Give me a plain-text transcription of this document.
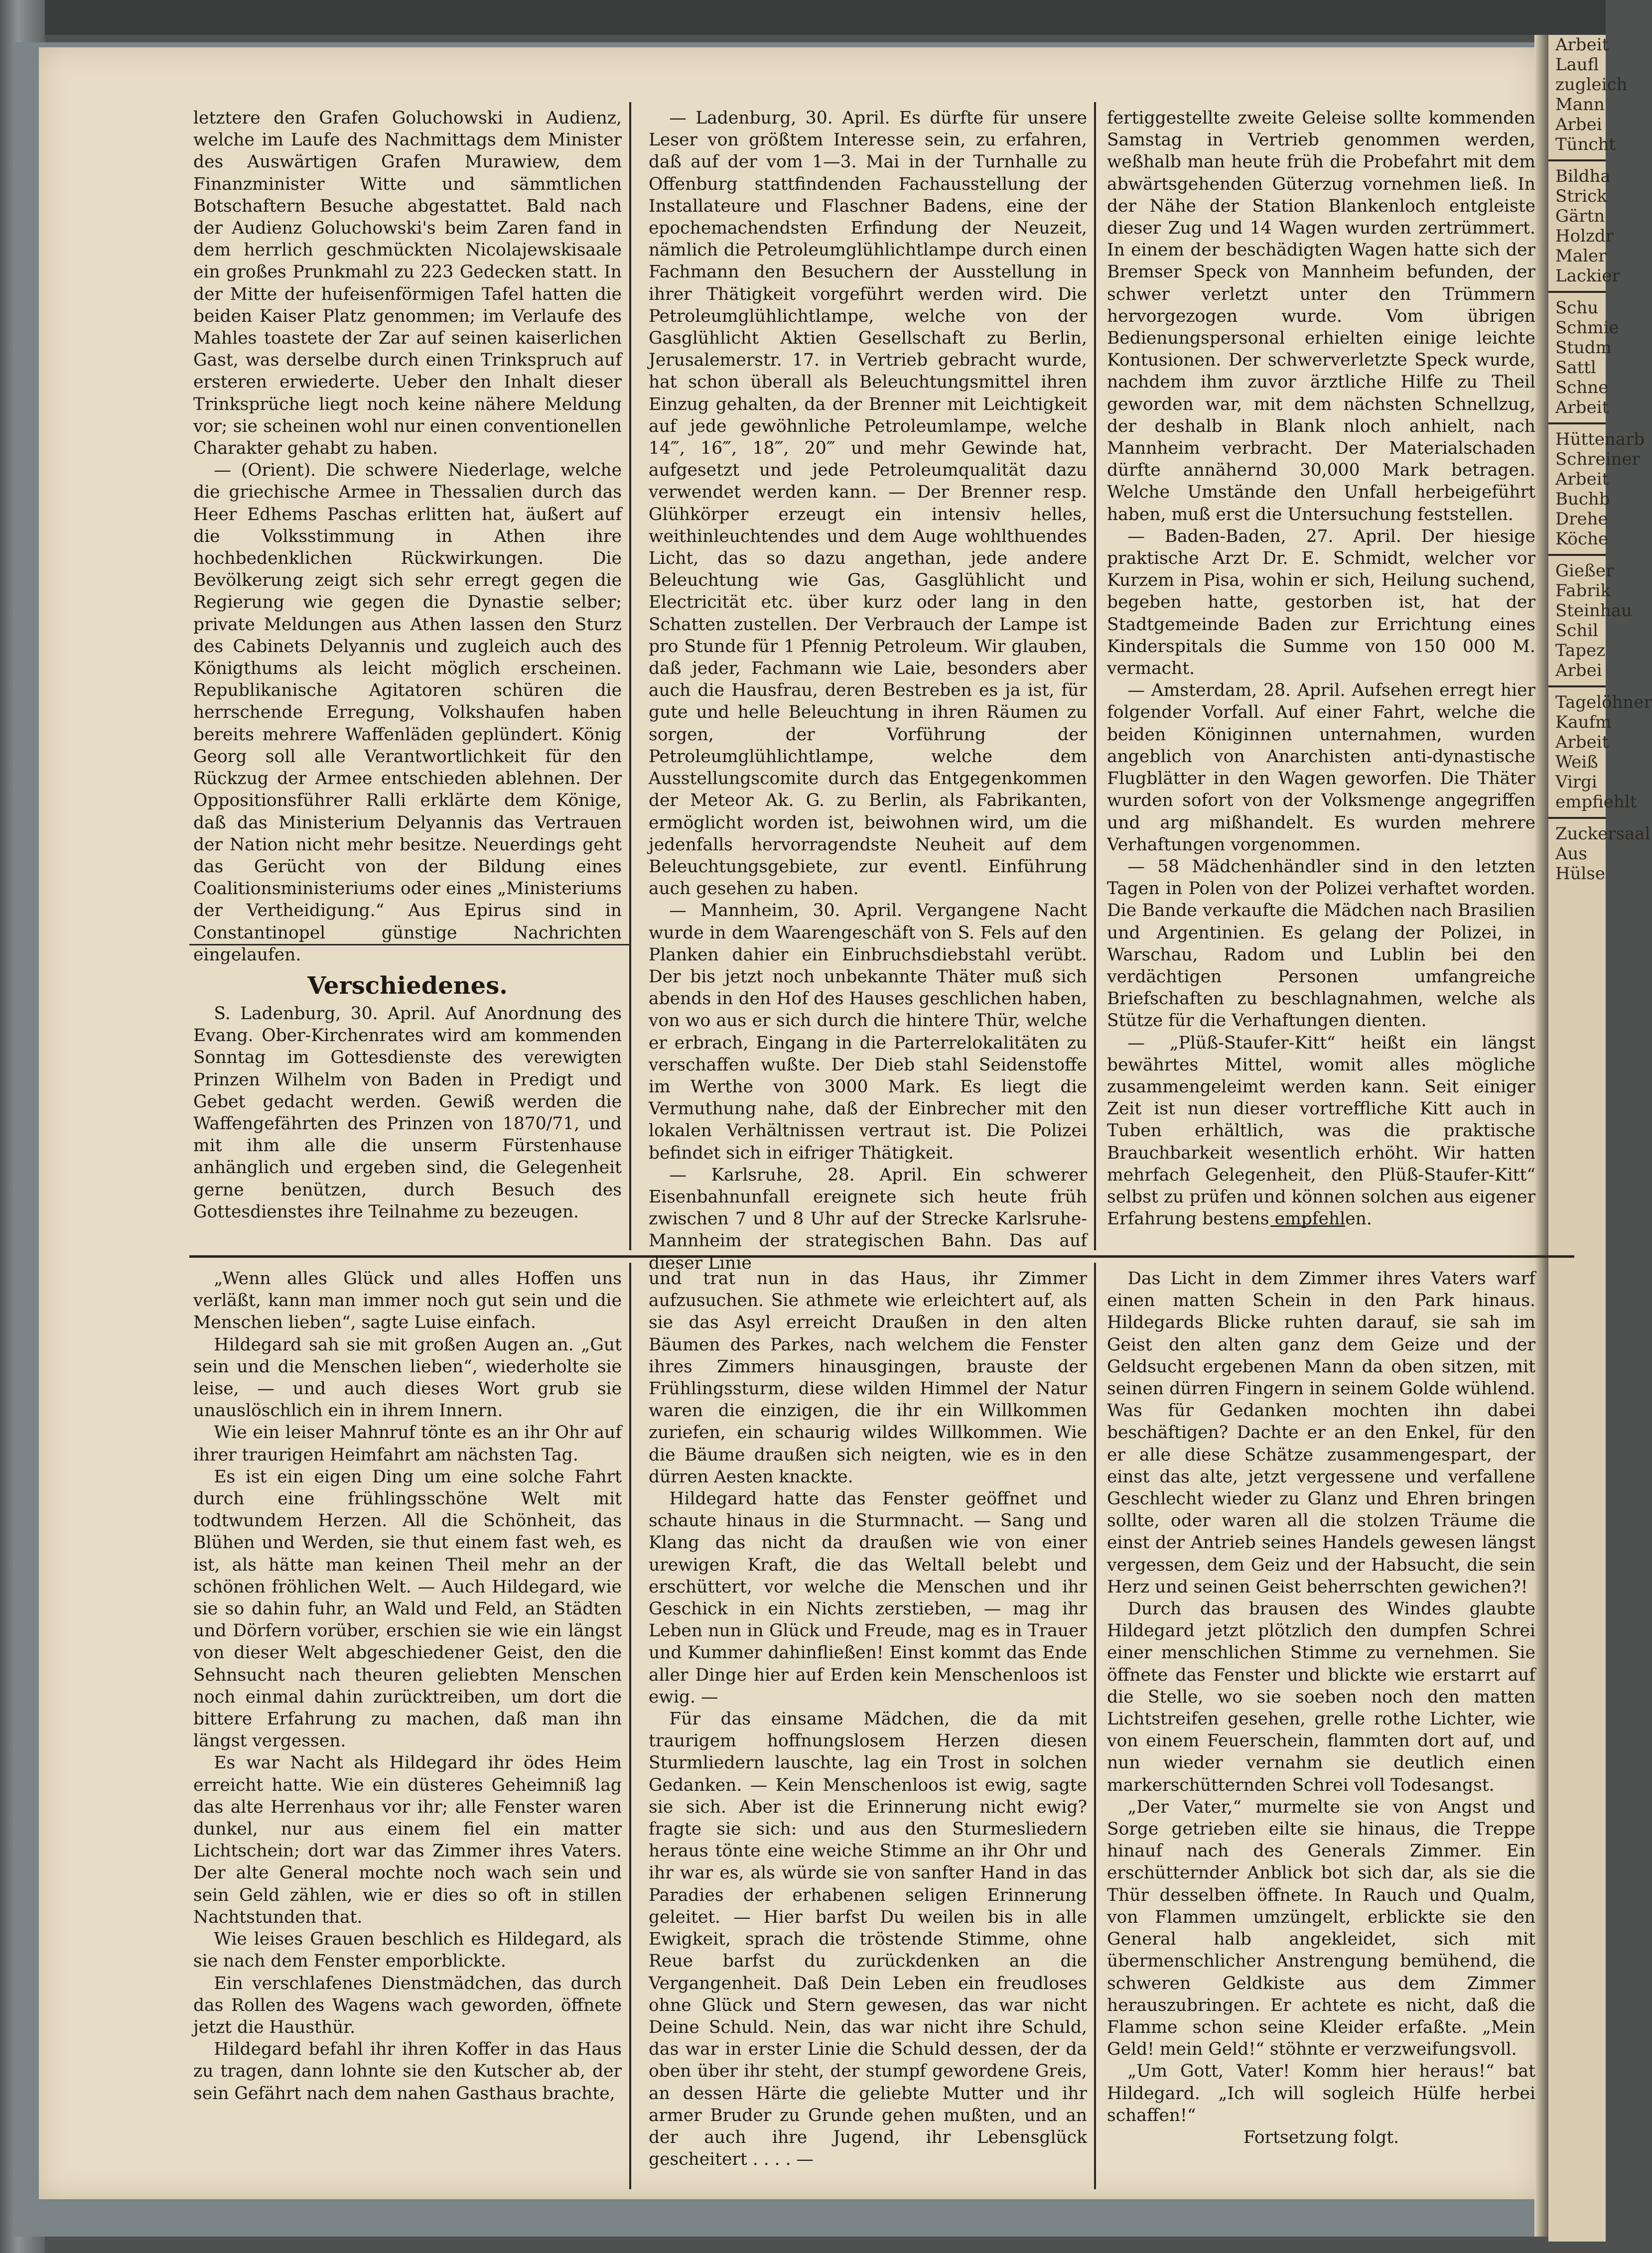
Arbeit
Laufl
zugleich
Mann
Arbei
Tüncht
Bildha
Strick
Gärtn
Holzdr
Maler
Lackier
Schu
Schmie
Studm
Sattl
Schne
Arbeit
Hüttenarb
Schreiner
Arbeit
Buchb
Drehe
Köche
Gießer
Fabrik
Steinhau
Schil
Tapez
Arbei
Tagelöhner
Kaufm
Arbeit
Weiß
Virgi
empfiehlt
Zuckersaal
Aus
Hülse

letztere den Grafen Goluchowski in Audienz, welche im Laufe des Nachmittags dem Minister des Auswärtigen Grafen Murawiew, dem Finanzminister Witte und sämmtlichen Botschaftern Besuche abgestattet. Bald nach der Audienz Goluchowski's beim Zaren fand in dem herrlich geschmückten Nicolajewskisaale ein großes Prunkmahl zu 223 Gedecken statt. In der Mitte der hufeisenförmigen Tafel hatten die beiden Kaiser Platz genommen; im Verlaufe des Mahles toastete der Zar auf seinen kaiserlichen Gast, was derselbe durch einen Trinkspruch auf ersteren erwiederte. Ueber den Inhalt dieser Trinksprüche liegt noch keine nähere Meldung vor; sie scheinen wohl nur einen conventionellen Charakter gehabt zu haben.

— (Orient). Die schwere Niederlage, welche die griechische Armee in Thessalien durch das Heer Edhems Paschas erlitten hat, äußert auf die Volksstimmung in Athen ihre hochbedenklichen Rückwirkungen. Die Bevölkerung zeigt sich sehr erregt gegen die Regierung wie gegen die Dynastie selber; private Meldungen aus Athen lassen den Sturz des Cabinets Delyannis und zugleich auch des Königthums als leicht möglich erscheinen. Republikanische Agitatoren schüren die herrschende Erregung, Volkshaufen haben bereits mehrere Waffenläden geplündert. König Georg soll alle Verantwortlichkeit für den Rückzug der Armee entschieden ablehnen. Der Oppositionsführer Ralli erklärte dem Könige, daß das Ministerium Delyannis das Vertrauen der Nation nicht mehr besitze. Neuerdings geht das Gerücht von der Bildung eines Coalitionsministeriums oder eines „Ministeriums der Vertheidigung.“ Aus Epirus sind in Constantinopel günstige Nachrichten eingelaufen.

Verschiedenes.

S. Ladenburg, 30. April. Auf Anordnung des Evang. Ober-Kirchenrates wird am kommenden Sonntag im Gottesdienste des verewigten Prinzen Wilhelm von Baden in Predigt und Gebet gedacht werden. Gewiß werden die Waffengefährten des Prinzen von 1870/71, und mit ihm alle die unserm Fürstenhause anhänglich und ergeben sind, die Gelegenheit gerne benützen, durch Besuch des Gottesdienstes ihre Teilnahme zu bezeugen.

— Ladenburg, 30. April. Es dürfte für unsere Leser von größtem Interesse sein, zu erfahren, daß auf der vom 1—3. Mai in der Turnhalle zu Offenburg stattfindenden Fachausstellung der Installateure und Flaschner Badens, eine der epochemachendsten Erfindung der Neuzeit, nämlich die Petroleumglühlichtlampe durch einen Fachmann den Besuchern der Ausstellung in ihrer Thätigkeit vorgeführt werden wird. Die Petroleumglühlichtlampe, welche von der Gasglühlicht Aktien Gesellschaft zu Berlin, Jerusalemerstr. 17. in Vertrieb gebracht wurde, hat schon überall als Beleuchtungsmittel ihren Einzug gehalten, da der Brenner mit Leichtigkeit auf jede gewöhnliche Petroleumlampe, welche 14‴, 16‴, 18‴, 20‴ und mehr Gewinde hat, aufgesetzt und jede Petroleumqualität dazu verwendet werden kann. — Der Brenner resp. Glühkörper erzeugt ein intensiv helles, weithinleuchtendes und dem Auge wohlthuendes Licht, das so dazu angethan, jede andere Beleuchtung wie Gas, Gasglühlicht und Electricität etc. über kurz oder lang in den Schatten zustellen. Der Verbrauch der Lampe ist pro Stunde für 1 Pfennig Petroleum. Wir glauben, daß jeder, Fachmann wie Laie, besonders aber auch die Hausfrau, deren Bestreben es ja ist, für gute und helle Beleuchtung in ihren Räumen zu sorgen, der Vorführung der Petroleumglühlichtlampe, welche dem Ausstellungscomite durch das Entgegenkommen der Meteor Ak. G. zu Berlin, als Fabrikanten, ermöglicht worden ist, beiwohnen wird, um die jedenfalls hervorragendste Neuheit auf dem Beleuchtungsgebiete, zur eventl. Einführung auch gesehen zu haben.

— Mannheim, 30. April. Vergangene Nacht wurde in dem Waarengeschäft von S. Fels auf den Planken dahier ein Einbruchsdiebstahl verübt. Der bis jetzt noch unbekannte Thäter muß sich abends in den Hof des Hauses geschlichen haben, von wo aus er sich durch die hintere Thür, welche er erbrach, Eingang in die Parterrelokalitäten zu verschaffen wußte. Der Dieb stahl Seidenstoffe im Werthe von 3000 Mark. Es liegt die Vermuthung nahe, daß der Einbrecher mit den lokalen Verhältnissen vertraut ist. Die Polizei befindet sich in eifriger Thätigkeit.

— Karlsruhe, 28. April. Ein schwerer Eisenbahnunfall ereignete sich heute früh zwischen 7 und 8 Uhr auf der Strecke Karlsruhe-Mannheim der strategischen Bahn. Das auf dieser Linie

fertiggestellte zweite Geleise sollte kommenden Samstag in Vertrieb genommen werden, weßhalb man heute früh die Probefahrt mit dem abwärtsgehenden Güterzug vornehmen ließ. In der Nähe der Station Blankenloch entgleiste dieser Zug und 14 Wagen wurden zertrümmert. In einem der beschädigten Wagen hatte sich der Bremser Speck von Mannheim befunden, der schwer verletzt unter den Trümmern hervorgezogen wurde. Vom übrigen Bedienungspersonal erhielten einige leichte Kontusionen. Der schwerverletzte Speck wurde, nachdem ihm zuvor ärztliche Hilfe zu Theil geworden war, mit dem nächsten Schnellzug, der deshalb in Blank nloch anhielt, nach Mannheim verbracht. Der Materialschaden dürfte annähernd 30,000 Mark betragen. Welche Umstände den Unfall herbeigeführt haben, muß erst die Untersuchung feststellen.

— Baden-Baden, 27. April. Der hiesige praktische Arzt Dr. E. Schmidt, welcher vor Kurzem in Pisa, wohin er sich, Heilung suchend, begeben hatte, gestorben ist, hat der Stadtgemeinde Baden zur Errichtung eines Kinderspitals die Summe von 150 000 M. vermacht.

— Amsterdam, 28. April. Aufsehen erregt hier folgender Vorfall. Auf einer Fahrt, welche die beiden Königinnen unternahmen, wurden angeblich von Anarchisten anti-dynastische Flugblätter in den Wagen geworfen. Die Thäter wurden sofort von der Volksmenge angegriffen und arg mißhandelt. Es wurden mehrere Verhaftungen vorgenommen.

— 58 Mädchenhändler sind in den letzten Tagen in Polen von der Polizei verhaftet worden. Die Bande verkaufte die Mädchen nach Brasilien und Argentinien. Es gelang der Polizei, in Warschau, Radom und Lublin bei den verdächtigen Personen umfangreiche Briefschaften zu beschlagnahmen, welche als Stütze für die Verhaftungen dienten.

— „Plüß-Staufer-Kitt“ heißt ein längst bewährtes Mittel, womit alles mögliche zusammengeleimt werden kann. Seit einiger Zeit ist nun dieser vortreffliche Kitt auch in Tuben erhältlich, was die praktische Brauchbarkeit wesentlich erhöht. Wir hatten mehrfach Gelegenheit, den Plüß-Staufer-Kitt“ selbst zu prüfen und können solchen aus eigener Erfahrung bestens empfehlen.

„Wenn alles Glück und alles Hoffen uns verläßt, kann man immer noch gut sein und die Menschen lieben“, sagte Luise einfach.

Hildegard sah sie mit großen Augen an. „Gut sein und die Menschen lieben“, wiederholte sie leise, — und auch dieses Wort grub sie unauslöschlich ein in ihrem Innern.

Wie ein leiser Mahnruf tönte es an ihr Ohr auf ihrer traurigen Heimfahrt am nächsten Tag.

Es ist ein eigen Ding um eine solche Fahrt durch eine frühlingsschöne Welt mit todtwundem Herzen. All die Schönheit, das Blühen und Werden, sie thut einem fast weh, es ist, als hätte man keinen Theil mehr an der schönen fröhlichen Welt. — Auch Hildegard, wie sie so dahin fuhr, an Wald und Feld, an Städten und Dörfern vorüber, erschien sie wie ein längst von dieser Welt abgeschiedener Geist, den die Sehnsucht nach theuren geliebten Menschen noch einmal dahin zurücktreiben, um dort die bittere Erfahrung zu machen, daß man ihn längst vergessen.

Es war Nacht als Hildegard ihr ödes Heim erreicht hatte. Wie ein düsteres Geheimniß lag das alte Herrenhaus vor ihr; alle Fenster waren dunkel, nur aus einem fiel ein matter Lichtschein; dort war das Zimmer ihres Vaters. Der alte General mochte noch wach sein und sein Geld zählen, wie er dies so oft in stillen Nachtstunden that.

Wie leises Grauen beschlich es Hildegard, als sie nach dem Fenster emporblickte.

Ein verschlafenes Dienstmädchen, das durch das Rollen des Wagens wach geworden, öffnete jetzt die Hausthür.

Hildegard befahl ihr ihren Koffer in das Haus zu tragen, dann lohnte sie den Kutscher ab, der sein Gefährt nach dem nahen Gasthaus brachte,

und trat nun in das Haus, ihr Zimmer aufzusuchen. Sie athmete wie erleichtert auf, als sie das Asyl erreicht Draußen in den alten Bäumen des Parkes, nach welchem die Fenster ihres Zimmers hinausgingen, brauste der Frühlingssturm, diese wilden Himmel der Natur waren die einzigen, die ihr ein Willkommen zuriefen, ein schaurig wildes Willkommen. Wie die Bäume draußen sich neigten, wie es in den dürren Aesten knackte.

Hildegard hatte das Fenster geöffnet und schaute hinaus in die Sturmnacht. — Sang und Klang das nicht da draußen wie von einer urewigen Kraft, die das Weltall belebt und erschüttert, vor welche die Menschen und ihr Geschick in ein Nichts zerstieben, — mag ihr Leben nun in Glück und Freude, mag es in Trauer und Kummer dahinfließen! Einst kommt das Ende aller Dinge hier auf Erden kein Menschenloos ist ewig. —

Für das einsame Mädchen, die da mit traurigem hoffnungslosem Herzen diesen Sturmliedern lauschte, lag ein Trost in solchen Gedanken. — Kein Menschenloos ist ewig, sagte sie sich. Aber ist die Erinnerung nicht ewig? fragte sie sich: und aus den Sturmesliedern heraus tönte eine weiche Stimme an ihr Ohr und ihr war es, als würde sie von sanfter Hand in das Paradies der erhabenen seligen Erinnerung geleitet. — Hier barfst Du weilen bis in alle Ewigkeit, sprach die tröstende Stimme, ohne Reue barfst du zurückdenken an die Vergangenheit. Daß Dein Leben ein freudloses ohne Glück und Stern gewesen, das war nicht Deine Schuld. Nein, das war nicht ihre Schuld, das war in erster Linie die Schuld dessen, der da oben über ihr steht, der stumpf gewordene Greis, an dessen Härte die geliebte Mutter und ihr armer Bruder zu Grunde gehen mußten, und an der auch ihre Jugend, ihr Lebensglück gescheitert . . . . —

Das Licht in dem Zimmer ihres Vaters warf einen matten Schein in den Park hinaus. Hildegards Blicke ruhten darauf, sie sah im Geist den alten ganz dem Geize und der Geldsucht ergebenen Mann da oben sitzen, mit seinen dürren Fingern in seinem Golde wühlend. Was für Gedanken mochten ihn dabei beschäftigen? Dachte er an den Enkel, für den er alle diese Schätze zusammengespart, der einst das alte, jetzt vergessene und verfallene Geschlecht wieder zu Glanz und Ehren bringen sollte, oder waren all die stolzen Träume die einst der Antrieb seines Handels gewesen längst vergessen, dem Geiz und der Habsucht, die sein Herz und seinen Geist beherrschten gewichen?!

Durch das brausen des Windes glaubte Hildegard jetzt plötzlich den dumpfen Schrei einer menschlichen Stimme zu vernehmen. Sie öffnete das Fenster und blickte wie erstarrt auf die Stelle, wo sie soeben noch den matten Lichtstreifen gesehen, grelle rothe Lichter, wie von einem Feuerschein, flammten dort auf, und nun wieder vernahm sie deutlich einen markerschütternden Schrei voll Todesangst.

„Der Vater,“ murmelte sie von Angst und Sorge getrieben eilte sie hinaus, die Treppe hinauf nach des Generals Zimmer. Ein erschütternder Anblick bot sich dar, als sie die Thür desselben öffnete. In Rauch und Qualm, von Flammen umzüngelt, erblickte sie den General halb angekleidet, sich mit übermenschlicher Anstrengung bemühend, die schweren Geldkiste aus dem Zimmer herauszubringen. Er achtete es nicht, daß die Flamme schon seine Kleider erfaßte. „Mein Geld! mein Geld!“ stöhnte er verzweifungsvoll.

„Um Gott, Vater! Komm hier heraus!“ bat Hildegard. „Ich will sogleich Hülfe herbei schaffen!“

Fortsetzung folgt.
